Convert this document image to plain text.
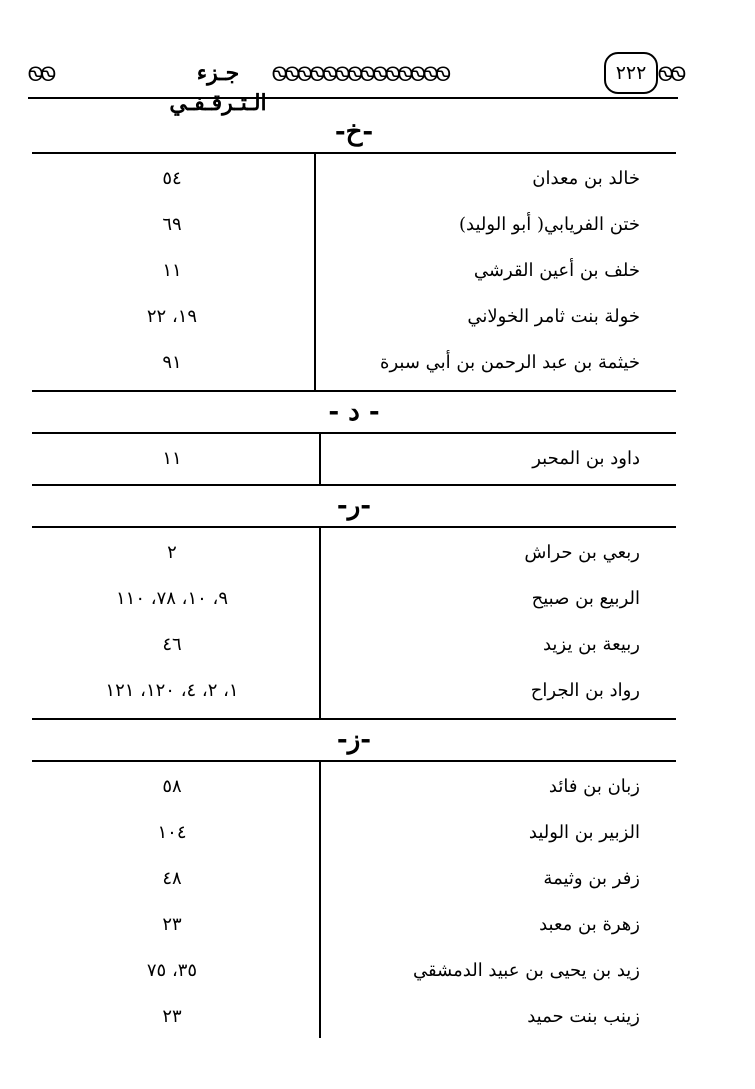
ᏫᏫ	جـزء الـتـرقـفـي
ᏫᏫᏫᏫᏫᏫᏫᏫᏫᏫᏫᏫᏫᏫ	٢٢٢ ᏫᏫ
-خ-
خالد بن معدان
٥٤
ختن الفريابي( أبو الوليد)
٦٩
خلف بن أعين القرشي
١١
خولة بنت ثامر الخولاني
١٩، ٢٢
خيثمة بن عبد الرحمن بن أبي سبرة
٩١
- د -
داود بن المحبر
١١
-ر-
ربعي بن حراش
٢
الربيع بن صبيح
٩، ١٠، ٧٨، ١١٠
ربيعة بن يزيد
٤٦
رواد بن الجراح
١، ٢، ٤، ١٢٠، ١٢١
-ز-
زبان بن فائد
٥٨
الزبير بن الوليد
١٠٤
زفر بن وثيمة
٤٨
زهرة بن معبد
٢٣
زيد بن يحيى بن عبيد الدمشقي
٣٥، ٧٥
زينب بنت حميد
٢٣
